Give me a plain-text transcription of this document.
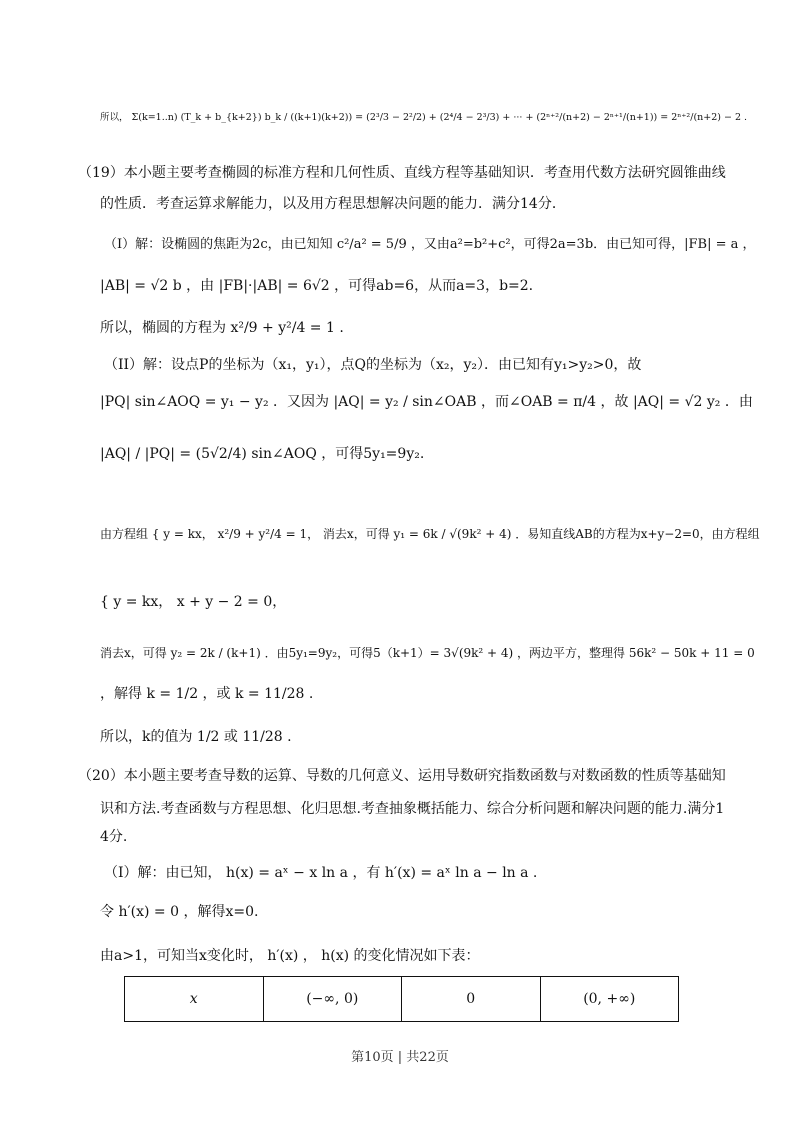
所以， Σ(k=1..n) (T_k + b_{k+2}) b_k / ((k+1)(k+2)) = (2³/3 − 2²/2) + (2⁴/4 − 2³/3) + ··· + (2ⁿ⁺²/(n+2) − 2ⁿ⁺¹/(n+1)) = 2ⁿ⁺²/(n+2) − 2 .
（19）本小题主要考查椭圆的标准方程和几何性质、直线方程等基础知识．考查用代数方法研究圆锥曲线
的性质．考查运算求解能力，以及用方程思想解决问题的能力．满分14分．
（I）解：设椭圆的焦距为2c，由已知知 c²/a² = 5/9 ，又由a²=b²+c²，可得2a=3b．由已知可得，|FB| = a ，
|AB| = √2 b ，由 |FB|·|AB| = 6√2 ，可得ab=6，从而a=3，b=2.
所以，椭圆的方程为 x²/9 + y²/4 = 1 .
（II）解：设点P的坐标为（x₁，y₁），点Q的坐标为（x₂，y₂）．由已知有y₁>y₂>0，故
|PQ| sin∠AOQ = y₁ − y₂ ．又因为 |AQ| = y₂ / sin∠OAB ，而∠OAB = π/4 ，故 |AQ| = √2 y₂ ．由
|AQ| / |PQ| = (5√2/4) sin∠AOQ ，可得5y₁=9y₂.
由方程组 { y = kx， x²/9 + y²/4 = 1， 消去x，可得 y₁ = 6k / √(9k² + 4) ．易知直线AB的方程为x+y−2=0，由方程组
{ y = kx， x + y − 2 = 0，
消去x，可得 y₂ = 2k / (k+1) ．由5y₁=9y₂，可得5（k+1）= 3√(9k² + 4) ，两边平方，整理得 56k² − 50k + 11 = 0
，解得 k = 1/2 ，或 k = 11/28 .
所以，k的值为 1/2 或 11/28 .
（20）本小题主要考查导数的运算、导数的几何意义、运用导数研究指数函数与对数函数的性质等基础知
识和方法.考查函数与方程思想、化归思想.考查抽象概括能力、综合分析问题和解决问题的能力.满分1
4分.
（I）解：由已知， h(x) = aˣ − x ln a ，有 h′(x) = aˣ ln a − ln a .
令 h′(x) = 0 ，解得x=0.
由a>1，可知当x变化时， h′(x) ， h(x) 的变化情况如下表：
x	(−∞, 0)	0	(0, +∞)
第10页 | 共22页
